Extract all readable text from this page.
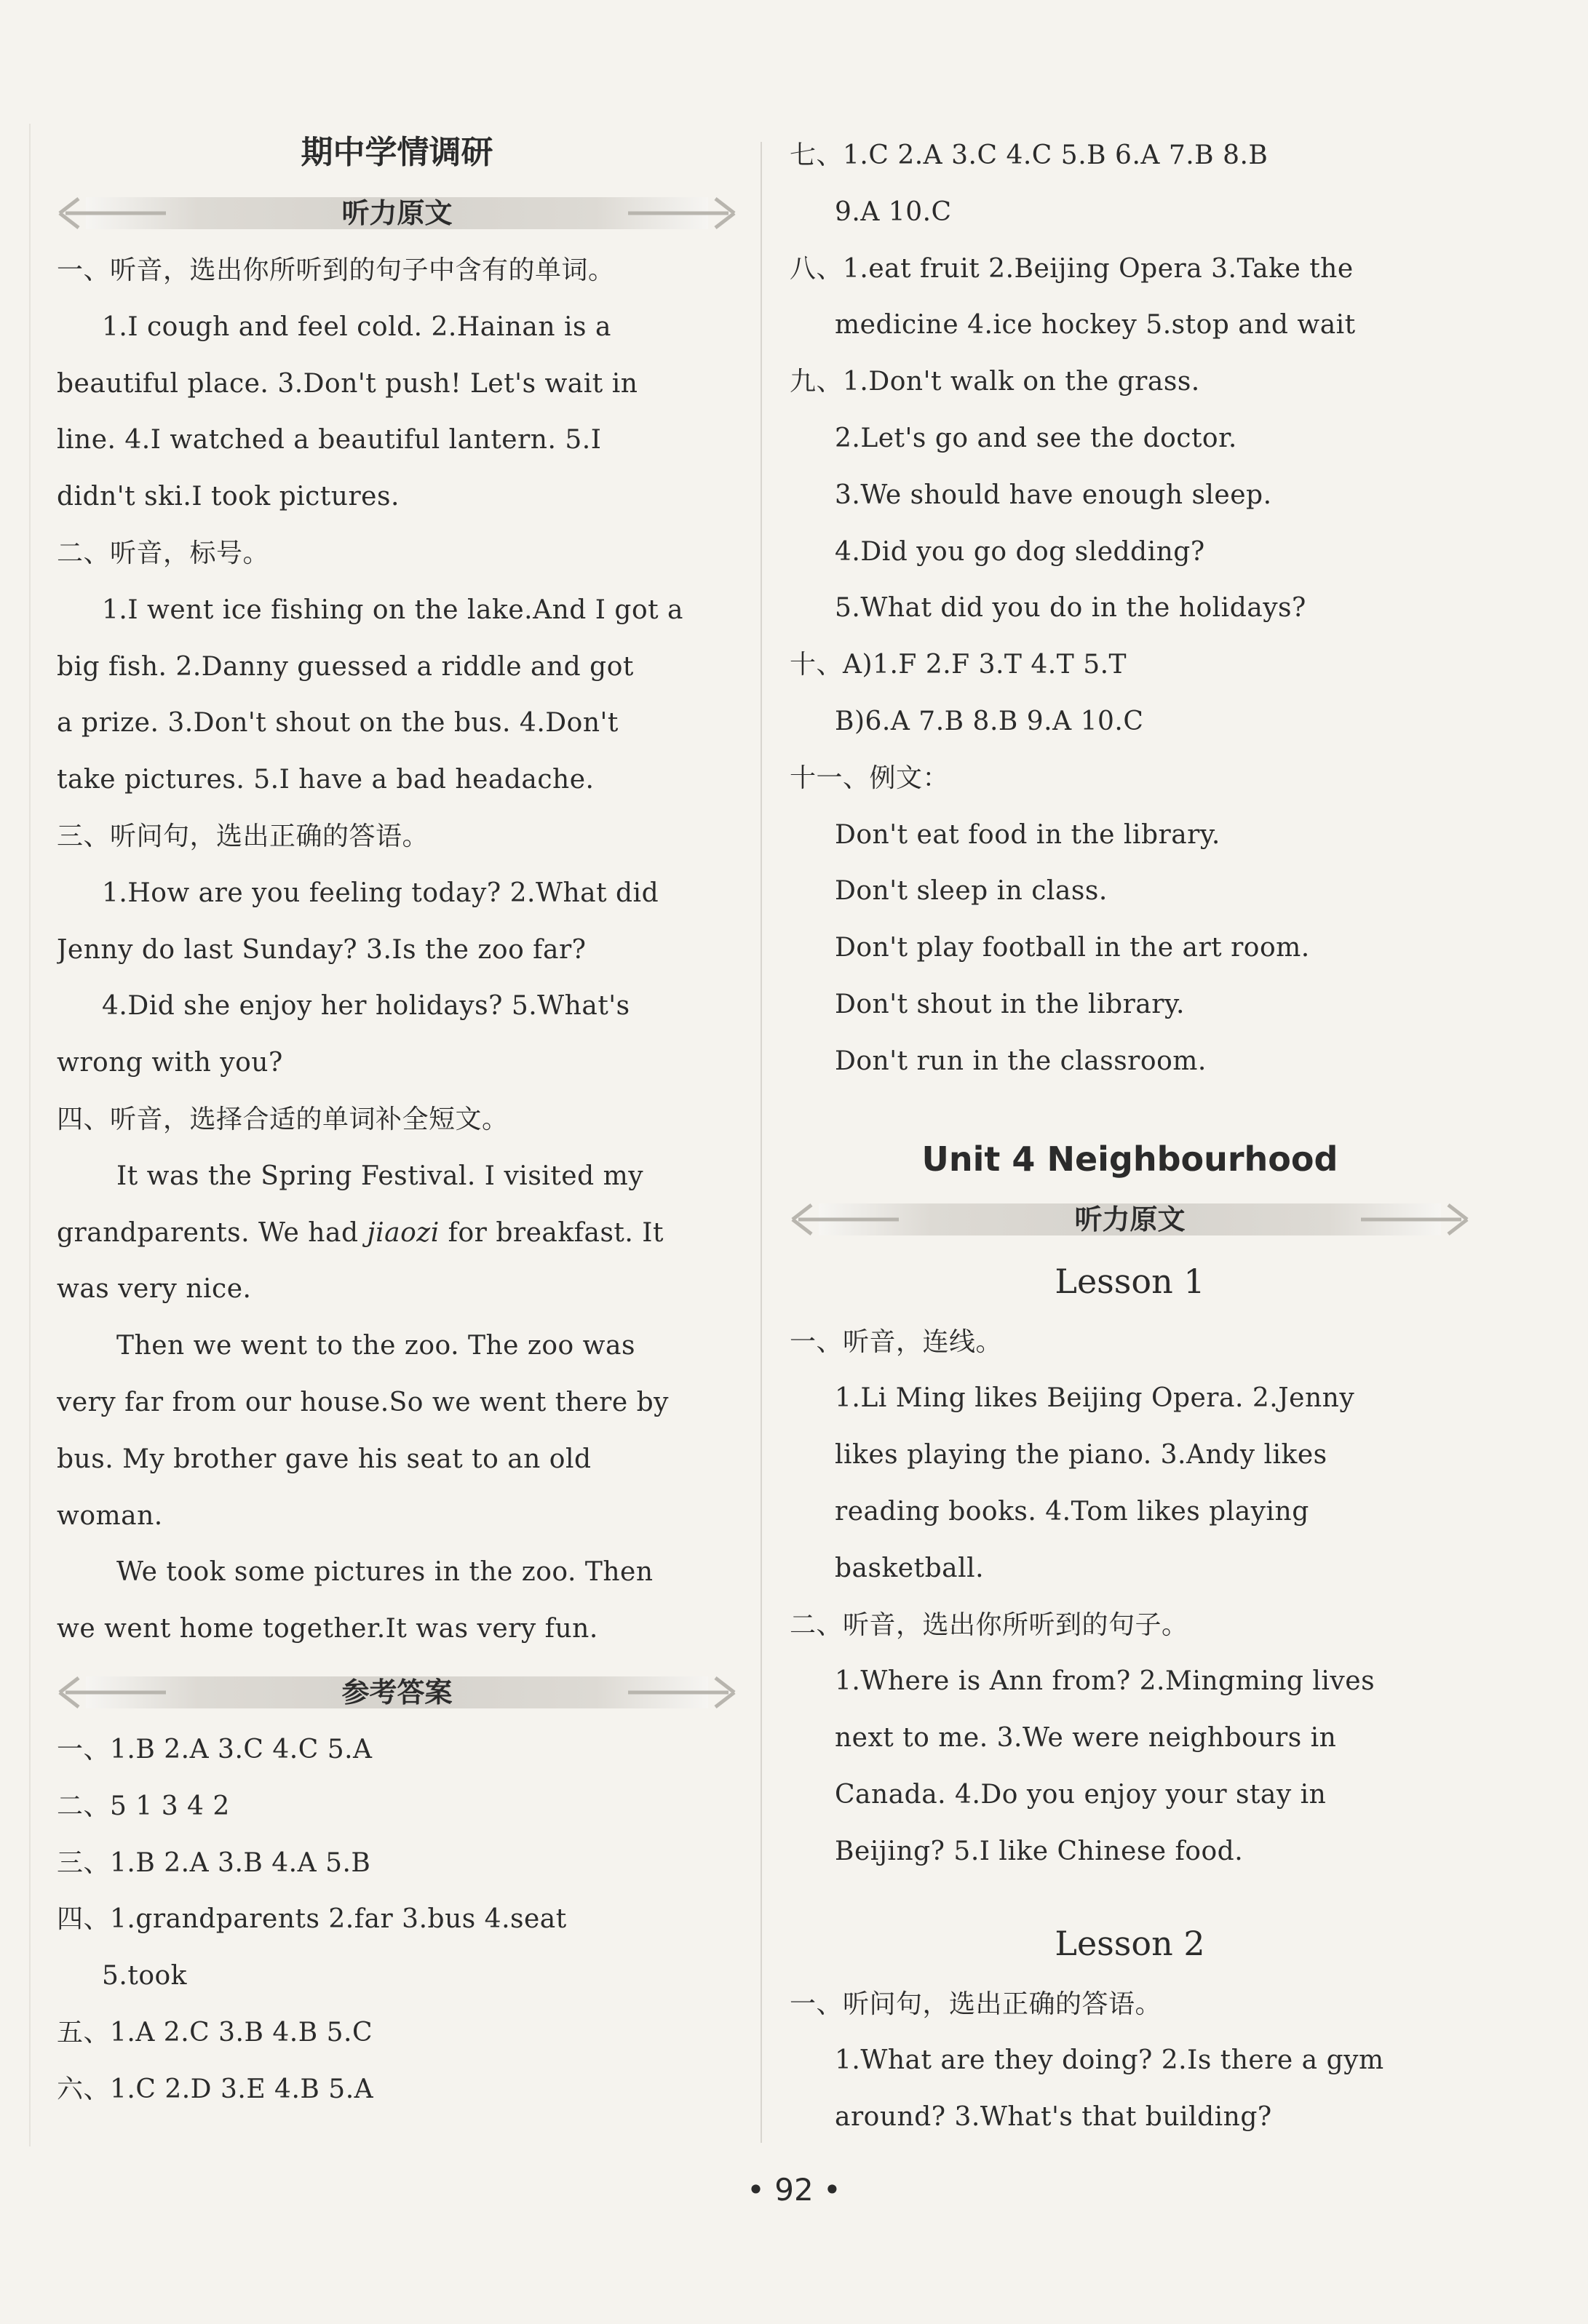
期中学情调研
听力原文
一、听音，选出你所听到的句子中含有的单词。
1.I cough and feel cold. 2.Hainan is a
beautiful place. 3.Don't push! Let's wait in
line. 4.I watched a beautiful lantern. 5.I
didn't ski.I took pictures.
二、听音，标号。
1.I went ice fishing on the lake.And I got a
big fish. 2.Danny guessed a riddle and got
a prize. 3.Don't shout on the bus. 4.Don't
take pictures. 5.I have a bad headache.
三、听问句，选出正确的答语。
1.How are you feeling today? 2.What did
Jenny do last Sunday? 3.Is the zoo far?
4.Did she enjoy her holidays? 5.What's
wrong with you?
四、听音，选择合适的单词补全短文。
It was the Spring Festival. I visited my
grandparents. We had jiaozi for breakfast. It
was very nice.
Then we went to the zoo. The zoo was
very far from our house.So we went there by
bus. My brother gave his seat to an old
woman.
We took some pictures in the zoo. Then
we went home together.It was very fun.
参考答案
一、1.B 2.A 3.C 4.C 5.A
二、5 1 3 4 2
三、1.B 2.A 3.B 4.A 5.B
四、1.grandparents 2.far 3.bus 4.seat
5.took
五、1.A 2.C 3.B 4.B 5.C
六、1.C 2.D 3.E 4.B 5.A
七、1.C 2.A 3.C 4.C 5.B 6.A 7.B 8.B
9.A 10.C
八、1.eat fruit 2.Beijing Opera 3.Take the
medicine 4.ice hockey 5.stop and wait
九、1.Don't walk on the grass.
2.Let's go and see the doctor.
3.We should have enough sleep.
4.Did you go dog sledding?
5.What did you do in the holidays?
十、A)1.F 2.F 3.T 4.T 5.T
B)6.A 7.B 8.B 9.A 10.C
十一、例文：
Don't eat food in the library.
Don't sleep in class.
Don't play football in the art room.
Don't shout in the library.
Don't run in the classroom.
Unit 4 Neighbourhood
听力原文
Lesson 1
一、听音，连线。
1.Li Ming likes Beijing Opera. 2.Jenny
likes playing the piano. 3.Andy likes
reading books. 4.Tom likes playing
basketball.
二、听音，选出你所听到的句子。
1.Where is Ann from? 2.Mingming lives
next to me. 3.We were neighbours in
Canada. 4.Do you enjoy your stay in
Beijing? 5.I like Chinese food.
Lesson 2
一、听问句，选出正确的答语。
1.What are they doing? 2.Is there a gym
around? 3.What's that building?
• 92 •
